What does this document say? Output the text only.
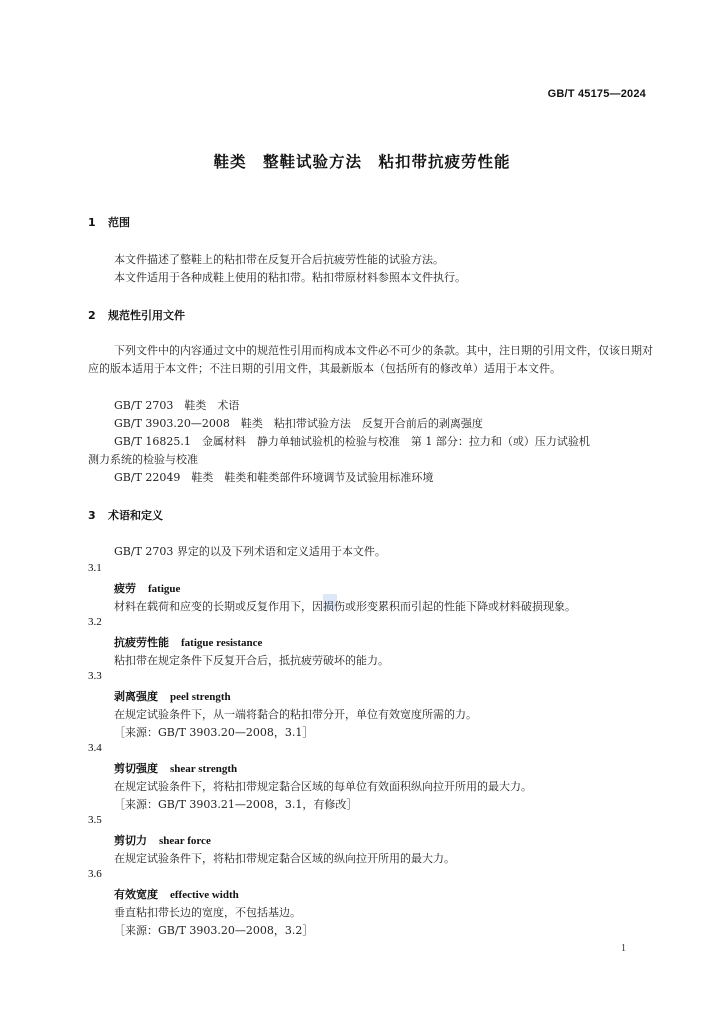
GB/T 45175—2024
鞋类　整鞋试验方法　粘扣带抗疲劳性能
1 范围
本文件描述了整鞋上的粘扣带在反复开合后抗疲劳性能的试验方法。
本文件适用于各种成鞋上使用的粘扣带。粘扣带原材料参照本文件执行。
2 规范性引用文件
下列文件中的内容通过文中的规范性引用而构成本文件必不可少的条款。其中，注日期的引用文件，仅该日期对应的版本适用于本文件；不注日期的引用文件，其最新版本（包括所有的修改单）适用于本文件。
GB/T 2703　鞋类　术语
GB/T 3903.20—2008　鞋类　粘扣带试验方法　反复开合前后的剥离强度
GB/T 16825.1　金属材料　静力单轴试验机的检验与校准　第 1 部分：拉力和（或）压力试验机
测力系统的检验与校准
GB/T 22049　鞋类　鞋类和鞋类部件环境调节及试验用标准环境
3 术语和定义
GB/T 2703 界定的以及下列术语和定义适用于本文件。
3.1
疲劳 fatigue
材料在载荷和应变的长期或反复作用下，因损伤或形变累积而引起的性能下降或材料破损现象。
3.2
抗疲劳性能 fatigue resistance
粘扣带在规定条件下反复开合后，抵抗疲劳破坏的能力。
3.3
剥离强度 peel strength
在规定试验条件下，从一端将黏合的粘扣带分开，单位有效宽度所需的力。
［来源：GB/T 3903.20—2008，3.1］
3.4
剪切强度 shear strength
在规定试验条件下，将粘扣带规定黏合区域的每单位有效面积纵向拉开所用的最大力。
［来源：GB/T 3903.21—2008，3.1，有修改］
3.5
剪切力 shear force
在规定试验条件下，将粘扣带规定黏合区域的纵向拉开所用的最大力。
3.6
有效宽度 effective width
垂直粘扣带长边的宽度，不包括基边。
［来源：GB/T 3903.20—2008，3.2］
1
